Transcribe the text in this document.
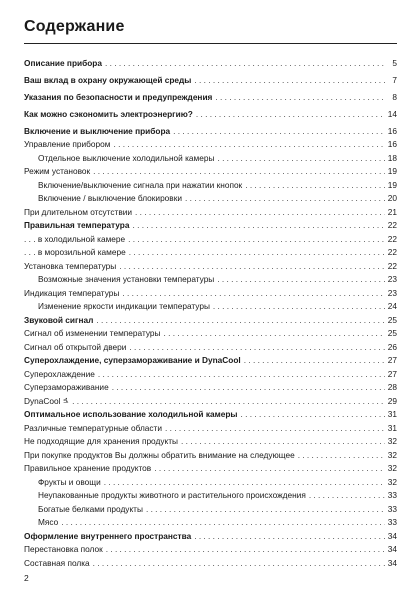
Содержание
Описание прибора . . .	5
Ваш вклад в охрану окружающей среды . . .	7
Указания по безопасности и предупреждения . . .	8
Как можно сэкономить электроэнергию? . . .	14
Включение и выключение прибора . . .	16
Управление прибором . . .	16
Отдельное выключение холодильной камеры . . .	18
Режим установок . . .	19
Включение/выключение сигнала при нажатии кнопок . . .	19
Включение / выключение блокировки . . .	20
При длительном отсутствии . . .	21
Правильная температура . . .	22
. . . в холодильной камере . . .	22
. . . в морозильной камере . . .	22
Установка температуры . . .	22
Возможные значения установки температуры . . .	23
Индикация температуры . . .	23
Изменение яркости индикации температуры . . .	24
Звуковой сигнал . . .	25
Сигнал об изменении температуры . . .	25
Сигнал об открытой двери . . .	26
Суперохлаждение, суперзамораживание и DynaCool . . .	27
Суперохлаждение . . .	27
Суперзамораживание . . .	28
DynaCool . . .	29
Оптимальное использование холодильной камеры . . .	31
Различные температурные области . . .	31
Не подходящие для хранения продукты . . .	32
При покупке продуктов Вы должны обратить внимание на следующее . . .	32
Правильное хранение продуктов . . .	32
Фрукты и овощи . . .	32
Неупакованные продукты животного и растительного происхождения . . .	33
Богатые белками продукты . . .	33
Мясо . . .	33
Оформление внутреннего пространства . . .	34
Перестановка полок . . .	34
Составная полка . . .	34
2
